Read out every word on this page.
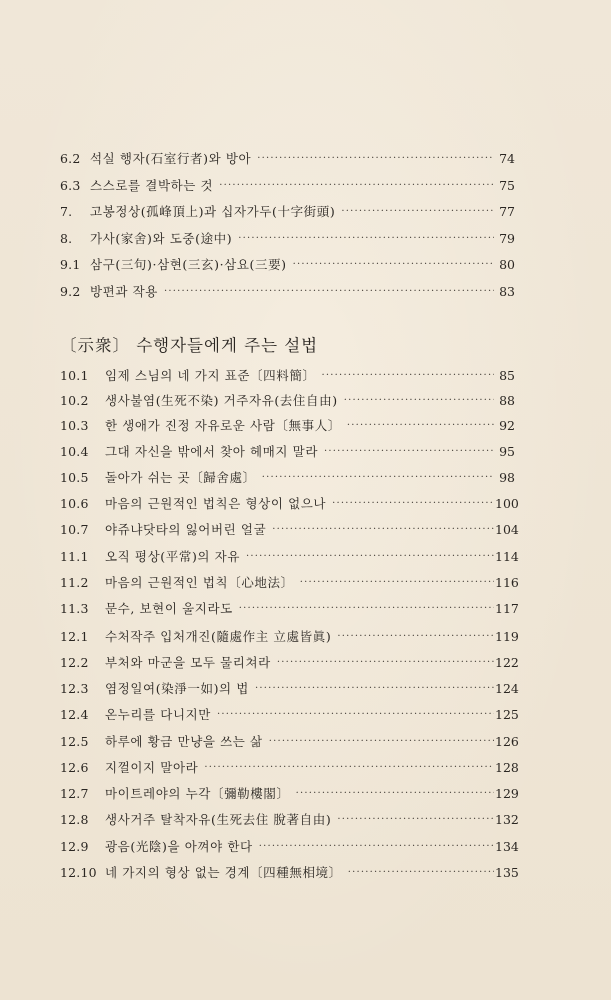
6.2 석실 행자(石室行者)와 방아 ·····	74
6.3 스스로를 결박하는 것 ·····	75
7.	고봉정상(孤峰頂上)과 십자가두(十字街頭) ·····	77
8.	가사(家舍)와 도중(途中) ·····	79
9.1 삼구(三句)·삼현(三玄)·삼요(三要) ·····	80
9.2 방편과 작용 ·····	83
10.1	임제 스님의 네 가지 표준〔四料簡〕 ·····	85
10.2	생사불염(生死不染) 거주자유(去住自由) ·····	88
10.3	한 생애가 진정 자유로운 사람〔無事人〕 ·····	92
10.4	그대 자신을 밖에서 찾아 헤매지 말라 ·····	95
10.5	돌아가 쉬는 곳〔歸舍處〕 ·····	98
10.6	마음의 근원적인 법칙은 형상이 없으나 ·····	100
10.7	야쥬냐닷타의 잃어버린 얼굴 ·····	104
11.1	오직 평상(平常)의 자유 ·····	114
11.2	마음의 근원적인 법칙〔心地法〕 ·····	116
11.3	문수, 보현이 울지라도 ·····	117
12.1	수처작주 입처개진(隨處作主 立處皆眞) ·····	119
12.2	부처와 마군을 모두 물리쳐라 ·····	122
12.3	염정일여(染淨一如)의 법 ·····	124
12.4	온누리를 다니지만 ·····	125
12.5	하루에 황금 만냥을 쓰는 삶 ·····	126
12.6	지껄이지 말아라 ·····	128
12.7	마이트레야의 누각〔彌勒樓閣〕 ·····	129
12.8	생사거주 탈착자유(生死去住 脫著自由) ·····	132
12.9	광음(光陰)을 아껴야 한다 ·····	134
12.10 네 가지의 형상 없는 경계〔四種無相境〕 ·····	135
〔示衆〕 수행자들에게 주는 설법
